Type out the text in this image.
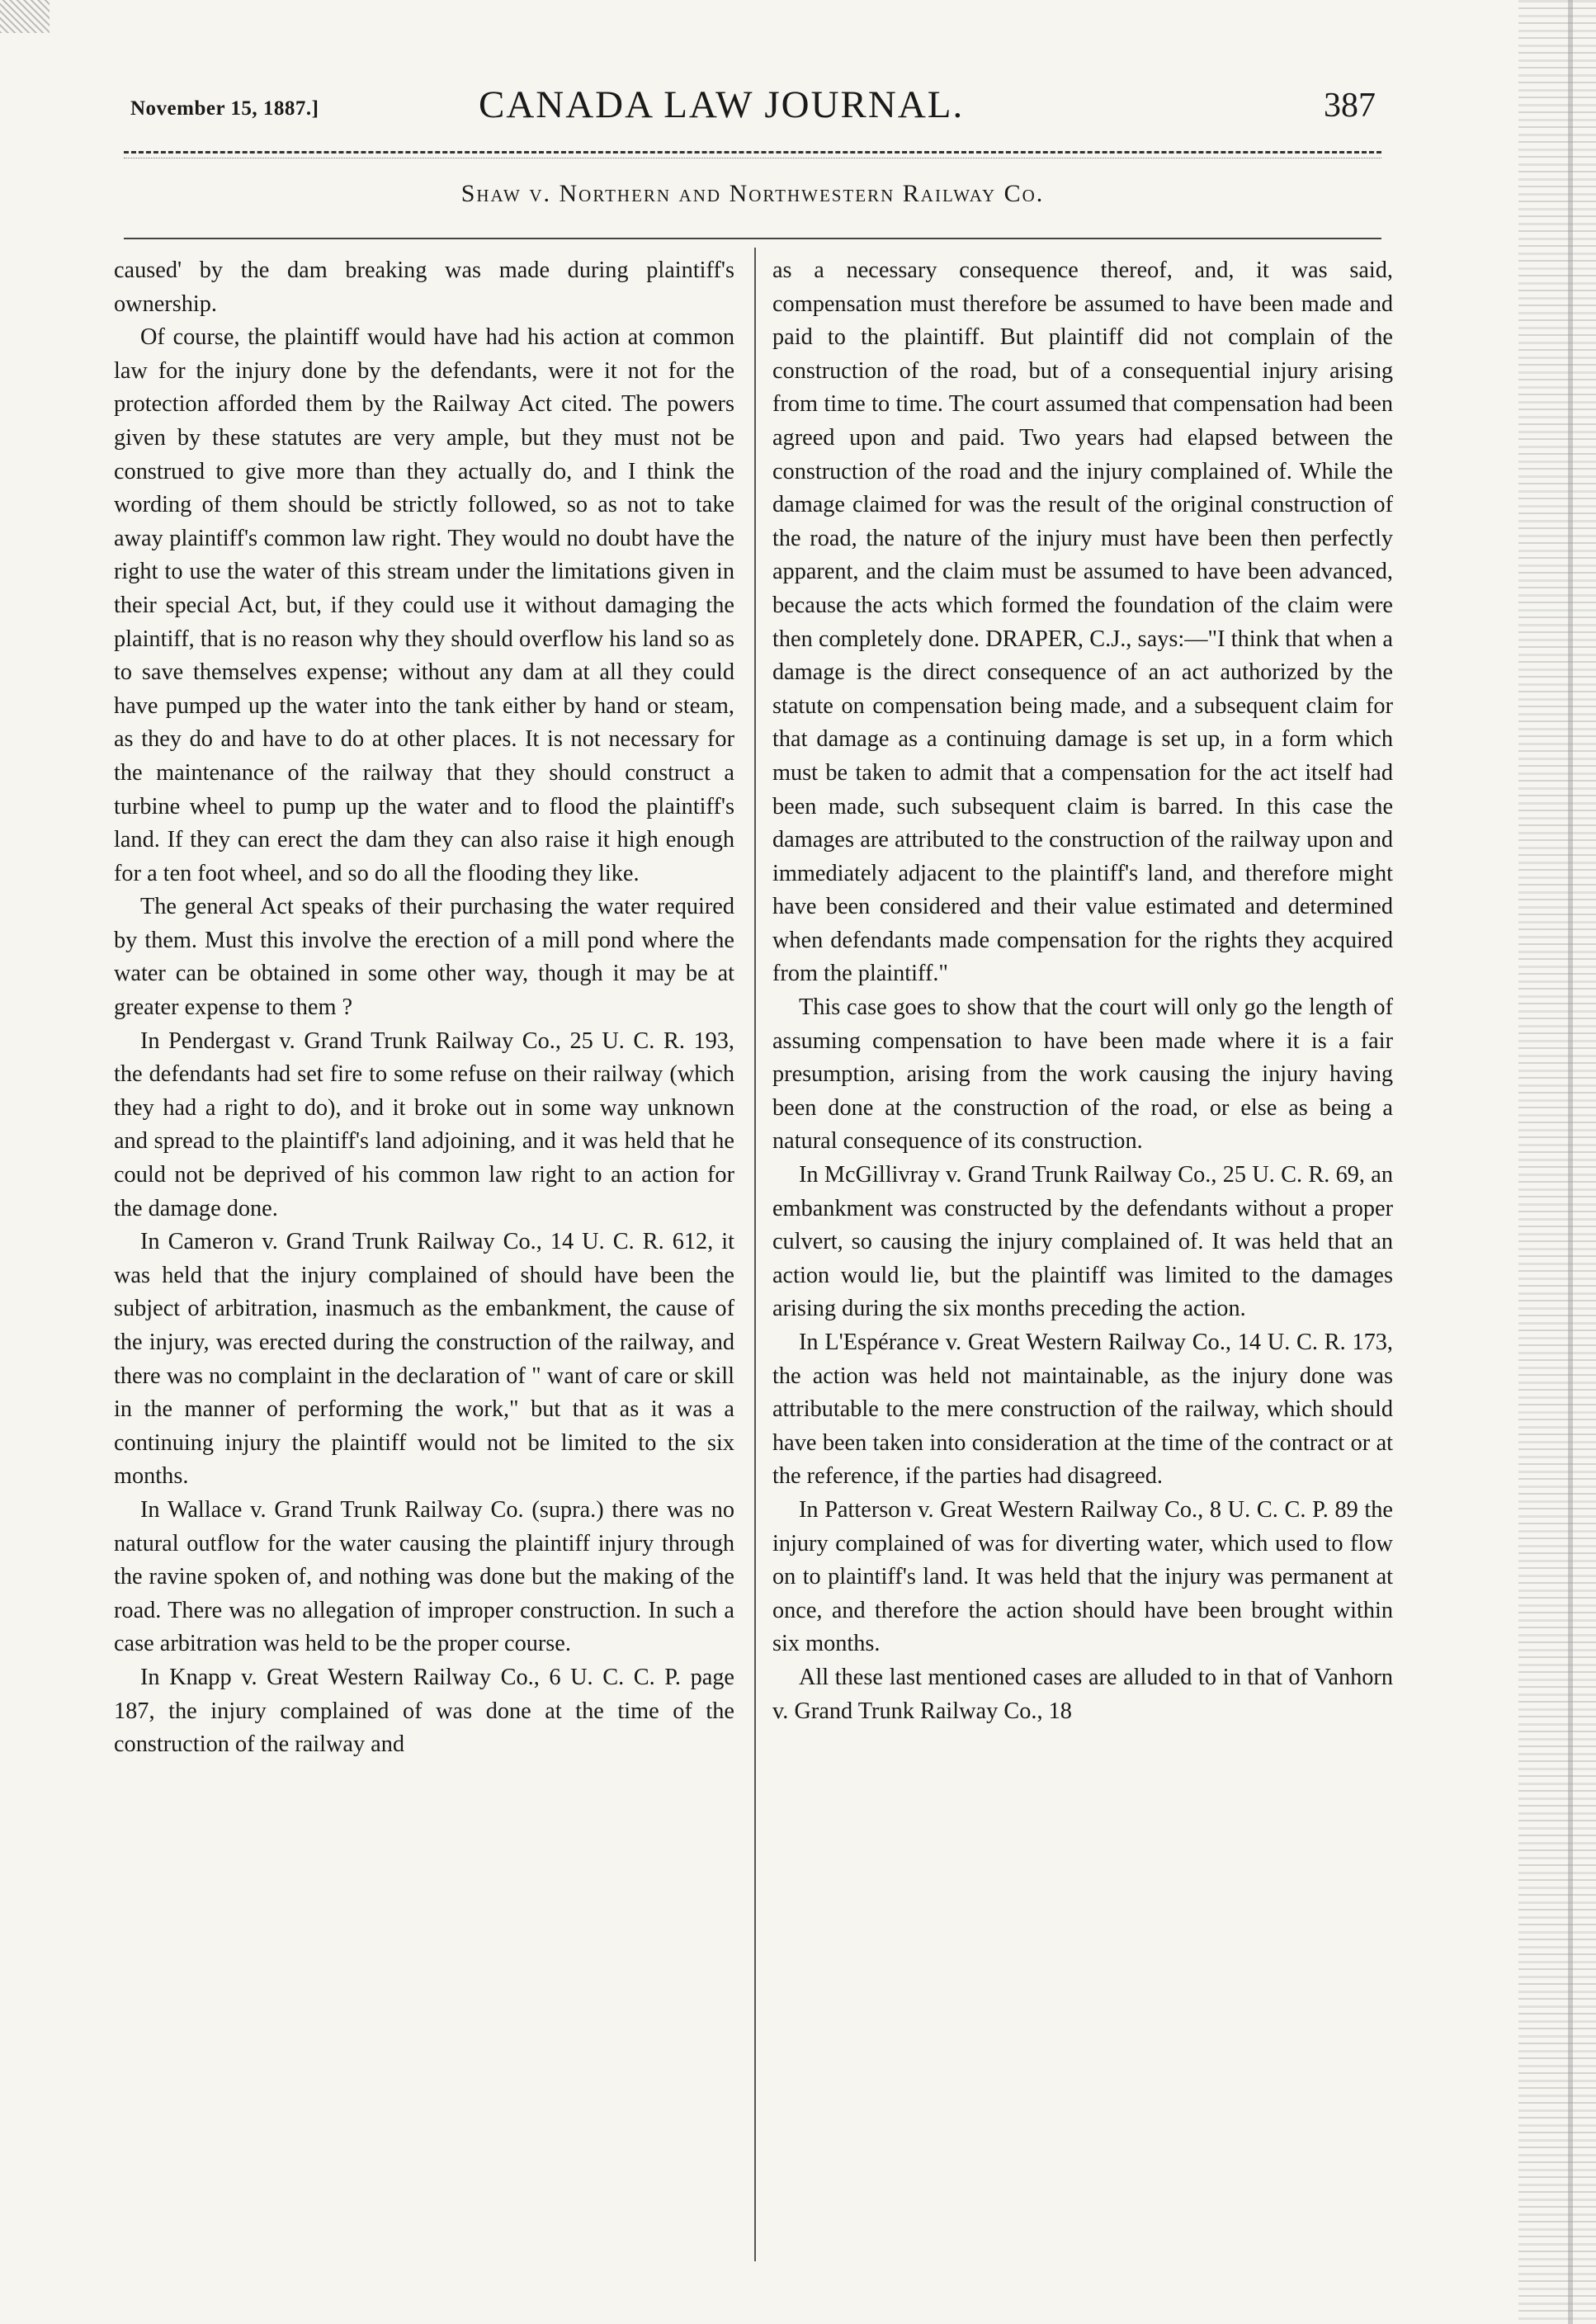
November 15, 1887.]	CANADA LAW JOURNAL.	387
Shaw v. Northern and Northwestern Railway Co.

caused' by the dam breaking was made during plaintiff's ownership.

Of course, the plaintiff would have had his action at common law for the injury done by the defendants, were it not for the protection afforded them by the Railway Act cited. The powers given by these statutes are very ample, but they must not be construed to give more than they actually do, and I think the wording of them should be strictly followed, so as not to take away plaintiff's common law right. They would no doubt have the right to use the water of this stream under the limitations given in their special Act, but, if they could use it without damaging the plaintiff, that is no reason why they should overflow his land so as to save themselves expense; without any dam at all they could have pumped up the water into the tank either by hand or steam, as they do and have to do at other places. It is not necessary for the maintenance of the railway that they should construct a turbine wheel to pump up the water and to flood the plaintiff's land. If they can erect the dam they can also raise it high enough for a ten foot wheel, and so do all the flooding they like.

The general Act speaks of their purchasing the water required by them. Must this involve the erection of a mill pond where the water can be obtained in some other way, though it may be at greater expense to them ?

In Pendergast v. Grand Trunk Railway Co., 25 U. C. R. 193, the defendants had set fire to some refuse on their railway (which they had a right to do), and it broke out in some way unknown and spread to the plaintiff's land adjoining, and it was held that he could not be deprived of his common law right to an action for the damage done.

In Cameron v. Grand Trunk Railway Co., 14 U. C. R. 612, it was held that the injury complained of should have been the subject of arbitration, inasmuch as the embankment, the cause of the injury, was erected during the construction of the railway, and there was no complaint in the declaration of " want of care or skill in the manner of performing the work," but that as it was a continuing injury the plaintiff would not be limited to the six months.

In Wallace v. Grand Trunk Railway Co. (supra.) there was no natural outflow for the water causing the plaintiff injury through the ravine spoken of, and nothing was done but the making of the road. There was no allegation of improper construction. In such a case arbitration was held to be the proper course.

In Knapp v. Great Western Railway Co., 6 U. C. C. P. page 187, the injury complained of was done at the time of the construction of the railway and

as a necessary consequence thereof, and, it was said, compensation must therefore be assumed to have been made and paid to the plaintiff. But plaintiff did not complain of the construction of the road, but of a consequential injury arising from time to time. The court assumed that compensation had been agreed upon and paid. Two years had elapsed between the construction of the road and the injury complained of. While the damage claimed for was the result of the original construction of the road, the nature of the injury must have been then perfectly apparent, and the claim must be assumed to have been advanced, because the acts which formed the foundation of the claim were then completely done. DRAPER, C.J., says:—"I think that when a damage is the direct consequence of an act authorized by the statute on compensation being made, and a subsequent claim for that damage as a continuing damage is set up, in a form which must be taken to admit that a compensation for the act itself had been made, such subsequent claim is barred. In this case the damages are attributed to the construction of the railway upon and immediately adjacent to the plaintiff's land, and therefore might have been considered and their value estimated and determined when defendants made compensation for the rights they acquired from the plaintiff."

This case goes to show that the court will only go the length of assuming compensation to have been made where it is a fair presumption, arising from the work causing the injury having been done at the construction of the road, or else as being a natural consequence of its construction.

In McGillivray v. Grand Trunk Railway Co., 25 U. C. R. 69, an embankment was constructed by the defendants without a proper culvert, so causing the injury complained of. It was held that an action would lie, but the plaintiff was limited to the damages arising during the six months preceding the action.

In L'Espérance v. Great Western Railway Co., 14 U. C. R. 173, the action was held not maintainable, as the injury done was attributable to the mere construction of the railway, which should have been taken into consideration at the time of the contract or at the reference, if the parties had disagreed.

In Patterson v. Great Western Railway Co., 8 U. C. C. P. 89 the injury complained of was for diverting water, which used to flow on to plaintiff's land. It was held that the injury was permanent at once, and therefore the action should have been brought within six months.

All these last mentioned cases are alluded to in that of Vanhorn v. Grand Trunk Railway Co., 18
